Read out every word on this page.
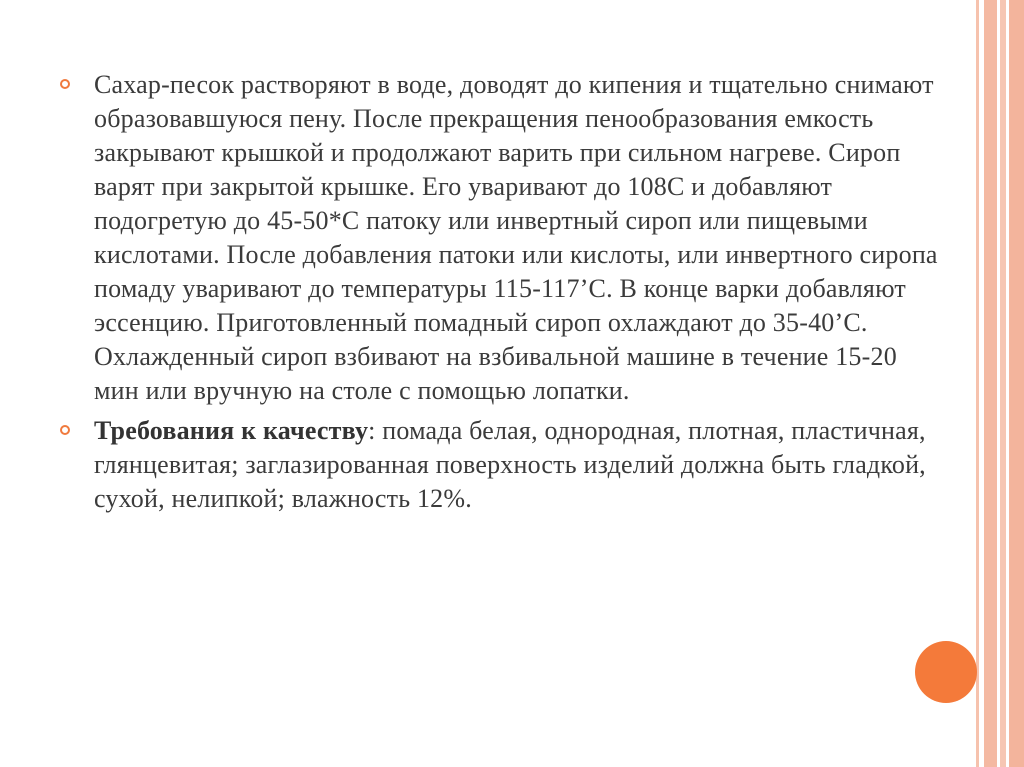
Сахар-песок растворяют в воде, доводят до кипения и тщательно снимают образовавшуюся пену. После прекращения пенообразования емкость закрывают крышкой и продолжают варить при сильном нагреве. Сироп варят при закрытой крышке. Его уваривают до 108С и добавляют подогретую до 45-50*С патоку или инвертный сироп или пищевыми кислотами. После добавления патоки или кислоты, или инвертного сиропа помаду уваривают до температуры 115-117’С. В конце варки добавляют эссенцию. Приготовленный помадный сироп охлаждают до 35-40’С. Охлажденный сироп взбивают на взбивальной машине в течение 15-20 мин или вручную на столе с помощью лопатки.

Требования к качеству: помада белая, однородная, плотная, пластичная, глянцевитая; заглазированная поверхность изделий должна быть гладкой, сухой, нелипкой; влажность 12%.
